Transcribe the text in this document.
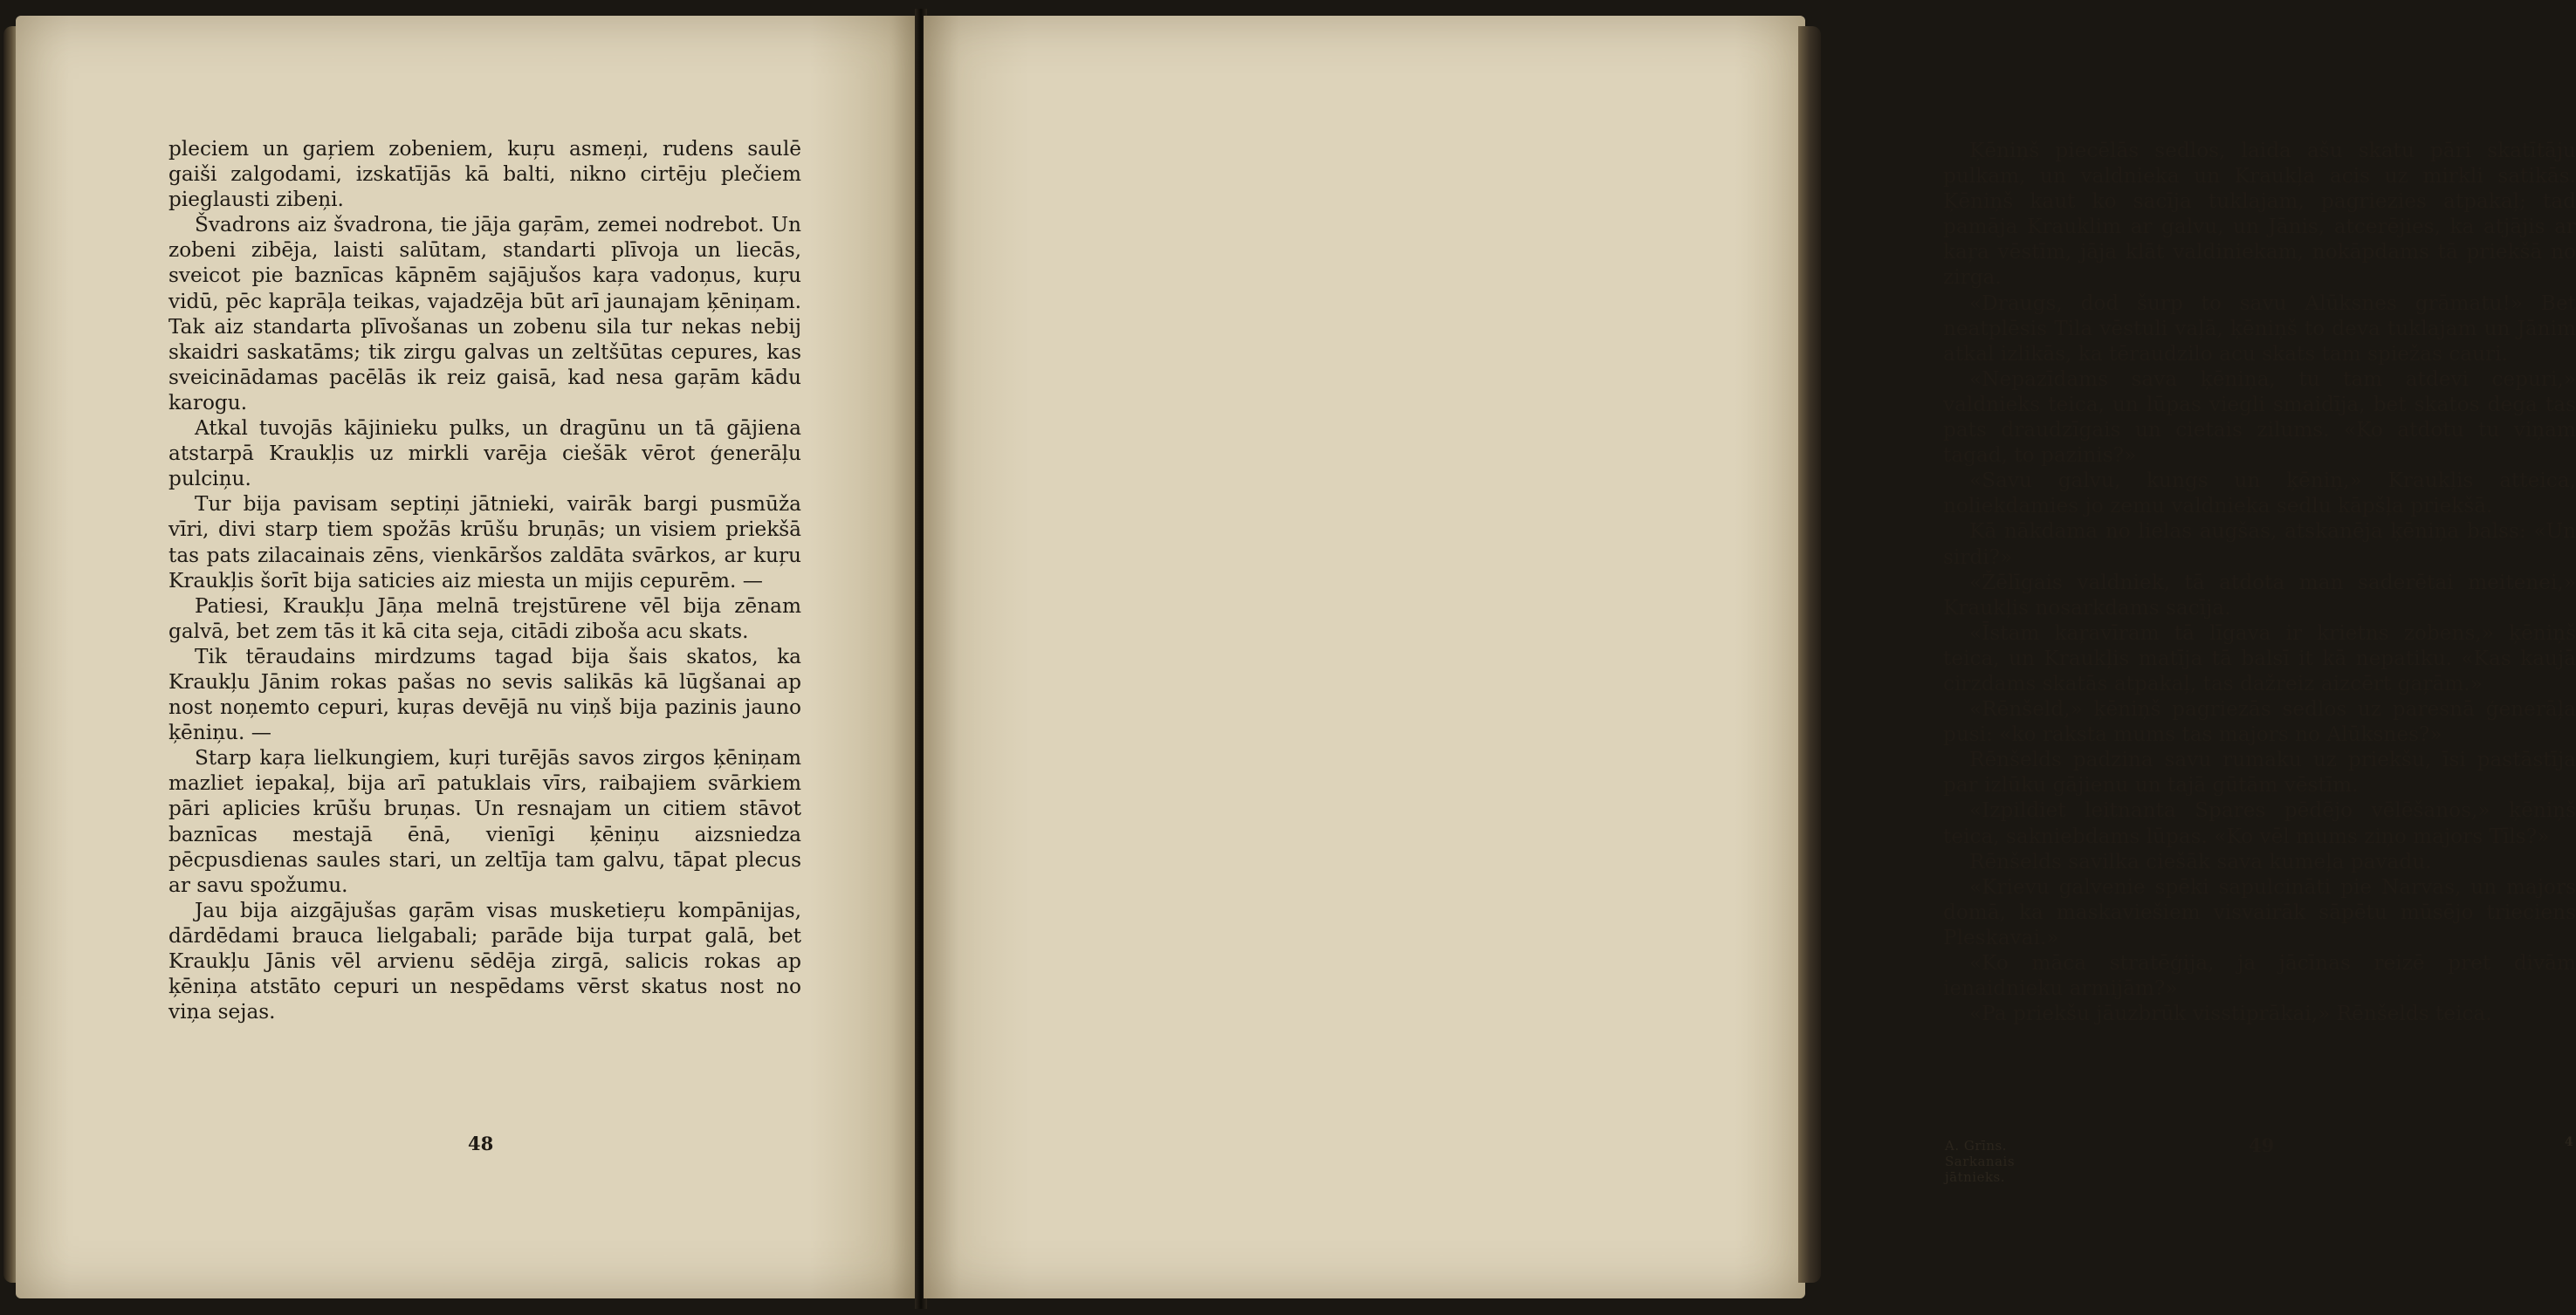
pleciem un gaŗiem zobeniem, kuŗu asmeņi, rudens saulē gaiši zalgodami, izskatījās kā balti, nikno cirtēju plečiem pieglausti zibeņi.

Švadrons aiz švadrona, tie jāja gaŗām, zemei nodrebot. Un zobeni zibēja, laisti salūtam, standarti plīvoja un liecās, sveicot pie baznīcas kāpnēm sajājušos kaŗa vadoņus, kuŗu vidū, pēc kaprāļa teikas, vajadzēja būt arī jaunajam ķēniņam. Tak aiz standarta plīvošanas un zobenu sila tur nekas nebij skaidri saskatāms; tik zirgu galvas un zeltšūtas cepures, kas sveicinādamas pacēlās ik reiz gaisā, kad nesa gaŗām kādu karogu.

Atkal tuvojās kājinieku pulks, un dragūnu un tā gājiena atstarpā Kraukļis uz mirkli varēja ciešāk vērot ģenerāļu pulciņu.

Tur bija pavisam septiņi jātnieki, vairāk bargi pusmūža vīri, divi starp tiem spožās krūšu bruņās; un visiem priekšā tas pats zilacainais zēns, vienkāršos zaldāta svārkos, ar kuŗu Kraukļis šorīt bija saticies aiz miesta un mijis cepurēm. —

Patiesi, Kraukļu Jāņa melnā trejstūrene vēl bija zēnam galvā, bet zem tās it kā cita seja, citādi ziboša acu skats.

Tik tēraudains mirdzums tagad bija šais skatos, ka Kraukļu Jānim rokas pašas no sevis salikās kā lūgšanai ap nost noņemto cepuri, kuŗas devējā nu viņš bija pazinis jauno ķēniņu. —

Starp kaŗa lielkungiem, kuŗi turējās savos zirgos ķēniņam mazliet iepakaļ, bija arī patuklais vīrs, raibajiem svārkiem pāri aplicies krūšu bruņas. Un resnajam un citiem stāvot baznīcas mestajā ēnā, vienīgi ķēniņu aizsniedza pēcpusdienas saules stari, un zeltīja tam galvu, tāpat plecus ar savu spožumu.

Jau bija aizgājušas gaŗām visas musketieŗu kompānijas, dārdēdami brauca lielgabali; parāde bija turpat galā, bet Kraukļu Jānis vēl arvienu sēdēja zirgā, salicis rokas ap ķēniņa atstāto cepuri un nespēdams vērst skatus nost no viņa sejas.

48

Ķēniņš piecēlās sedlos, laida ašu skatu pāri skatītāju pulkam, un valdnieka un Kraukļa acis uz mirkli satikās. Ķēniņš kaut ko sacīja tuklajam, pagriezies atpakaļ; tad pamāja Krauklim ar galvu, un Jānis, atcerējies, ka atjājis ar kaŗa vēstīm, jāja klāt valdiniekam, nokāpdams tā priekšā no zirga.

«Draugs, dod šurp to savu Alūksnes grāmatu!» Bet neatplēsis Tila vēstuli vaļā, ķēniņš to deva tuklajam un Jānim atkal izlikās, ka tēraudzilo acu skats tam spiežas cauri.

«Nepazīdams sava ķēniņa, tu tam atdevi cepuri,» valdnieks teica, un lūpas viegli smaidīja, bet skatos dega tas pats draudzīgais un cietais zilums. «Ko atdotu tu viņam tagad, to pazinis?»

«Savu galvu, kungs un ķēniņ,» Kraukļis atteica, noliekdamies jo zemu valdnieka sedlu kāpšļa priekšā.

Kā nākdama no lielas augšas, atskanēja ķēniņa balss: «Un sirdi?»

«Žēlīgais valdniek, tā atdota man saderētai meitenei,» Kraukļis nosarkdams sacīja.

«Īstam kaŗavīram tā līgava ir krietns zobens,» ķēniņš teica, un Kraukļis matīja tā balsī it kā nepatiku. «Kas kaujā cirzdams skatās atpakaļ, tas dažreiz aizcērt gaŗām.»

«Rēnšeld,» ķēniņš pagriezās sedlos uz paresnā ģenerāļa pusi: «ko raksta mums tas majors no Alūksnes?»

Rēnšelds padzina savu rumaku uz priekšu, īsi pastāstīja par izlūku gājienu un tajā gūtām vēstīm.

«Izpildiet leitnanta Spares pēdējo vēlēšanos,» ķēniņš teica, sakniebdams lūpas. «Ko vēl mums ziņo majors Tīls?»

Rēnšelds savilka ciešāk sava kumeļa pavadu.

«Krievu galvenie spēki sapulcināti pie Narvas, un majors domā, ka maskaviešiem visvairāk sāpētu mūsējo trieciens Pleskavai.»

«Ko māca stratēģija, ja jācīnas reizē pret divām ienaidnieku armijām?»

«Pa priekšu jāuzbrūk visstiprākai,» Rēnšelds teica.

A. Grīns. Sarkanais jātnieks.
49	4
